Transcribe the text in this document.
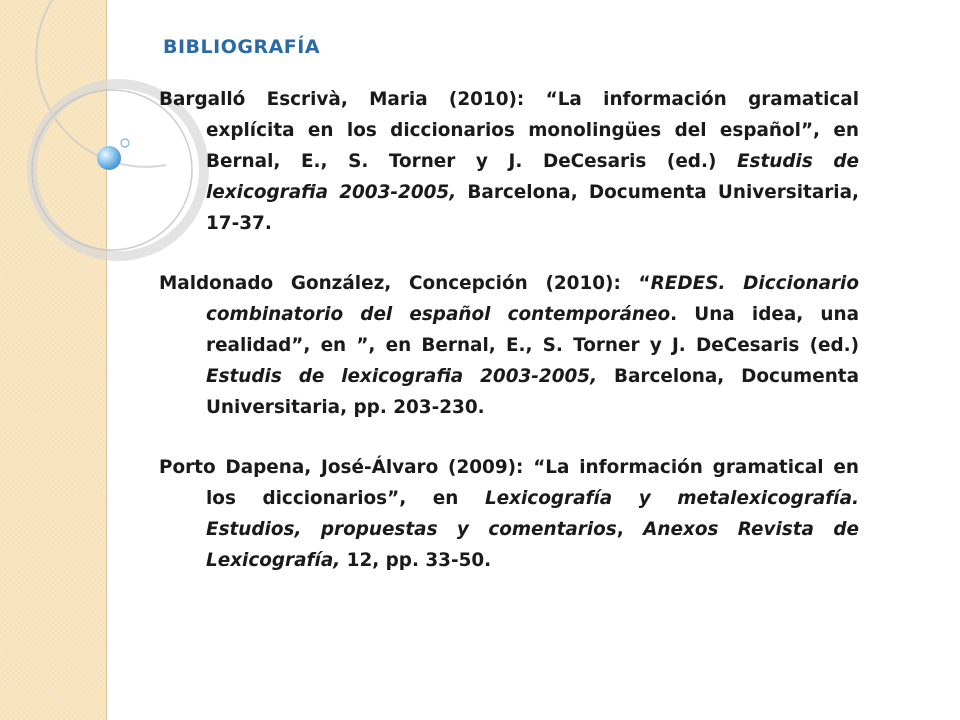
BIBLIOGRAFÍA

Bargalló Escrivà, Maria (2010): “La información gramatical explícita en los diccionarios monolingües del español”, en Bernal, E., S. Torner y J. DeCesaris (ed.) Estudis de lexicografia 2003-2005, Barcelona, Documenta Universitaria, 17-37.

Maldonado González, Concepción (2010): “REDES. Diccionario combinatorio del español contemporáneo. Una idea, una realidad”, en ”, en Bernal, E., S. Torner y J. DeCesaris (ed.) Estudis de lexicografia 2003-2005, Barcelona, Documenta Universitaria, pp. 203-230.

Porto Dapena, José-Álvaro (2009): “La información gramatical en los diccionarios”, en Lexicografía y metalexicografía. Estudios, propuestas y comentarios, Anexos Revista de Lexicografía, 12, pp. 33-50.
